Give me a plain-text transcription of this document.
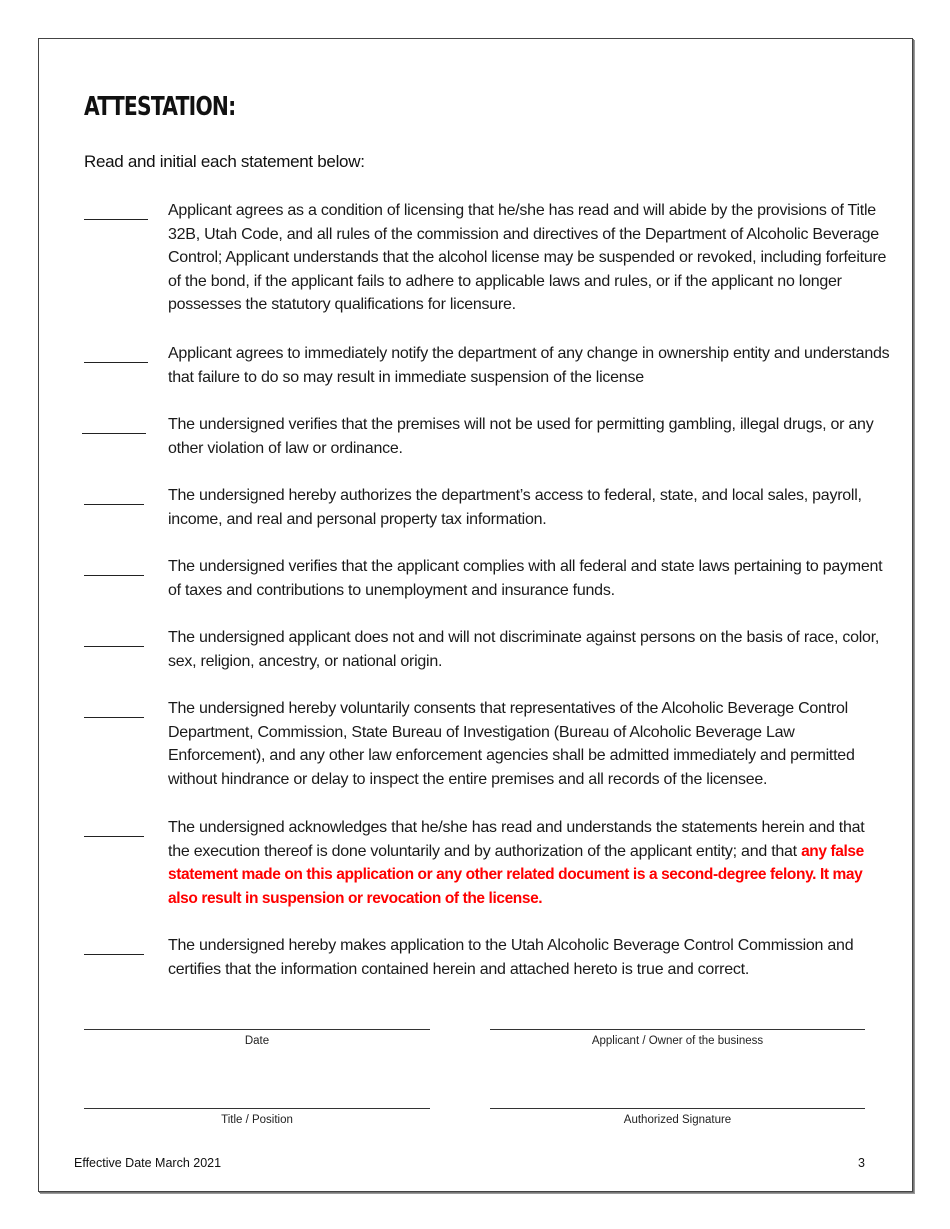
ATTESTATION:
Read and initial each statement below:
Applicant agrees as a condition of licensing that he/she has read and will abide by the provisions of Title 32B, Utah Code, and all rules of the commission and directives of the Department of Alcoholic Beverage Control; Applicant understands that the alcohol license may be suspended or revoked, including forfeiture of the bond, if the applicant fails to adhere to applicable laws and rules, or if the applicant no longer possesses the statutory qualifications for licensure.
Applicant agrees to immediately notify the department of any change in ownership entity and understands that failure to do so may result in immediate suspension of the license
The undersigned verifies that the premises will not be used for permitting gambling, illegal drugs, or any other violation of law or ordinance.
The undersigned hereby authorizes the department’s access to federal, state, and local sales, payroll, income, and real and personal property tax information.
The undersigned verifies that the applicant complies with all federal and state laws pertaining to payment of taxes and contributions to unemployment and insurance funds.
The undersigned applicant does not and will not discriminate against persons on the basis of race, color, sex, religion, ancestry, or national origin.
The undersigned hereby voluntarily consents that representatives of the Alcoholic Beverage Control Department, Commission, State Bureau of Investigation (Bureau of Alcoholic Beverage Law Enforcement), and any other law enforcement agencies shall be admitted immediately and permitted without hindrance or delay to inspect the entire premises and all records of the licensee.
The undersigned acknowledges that he/she has read and understands the statements herein and that the execution thereof is done voluntarily and by authorization of the applicant entity; and that any false statement made on this application or any other related document is a second-degree felony. It may also result in suspension or revocation of the license.
The undersigned hereby makes application to the Utah Alcoholic Beverage Control Commission and certifies that the information contained herein and attached hereto is true and correct.
Date	Applicant / Owner of the business
Title / Position	Authorized Signature
Effective Date March 2021	3
